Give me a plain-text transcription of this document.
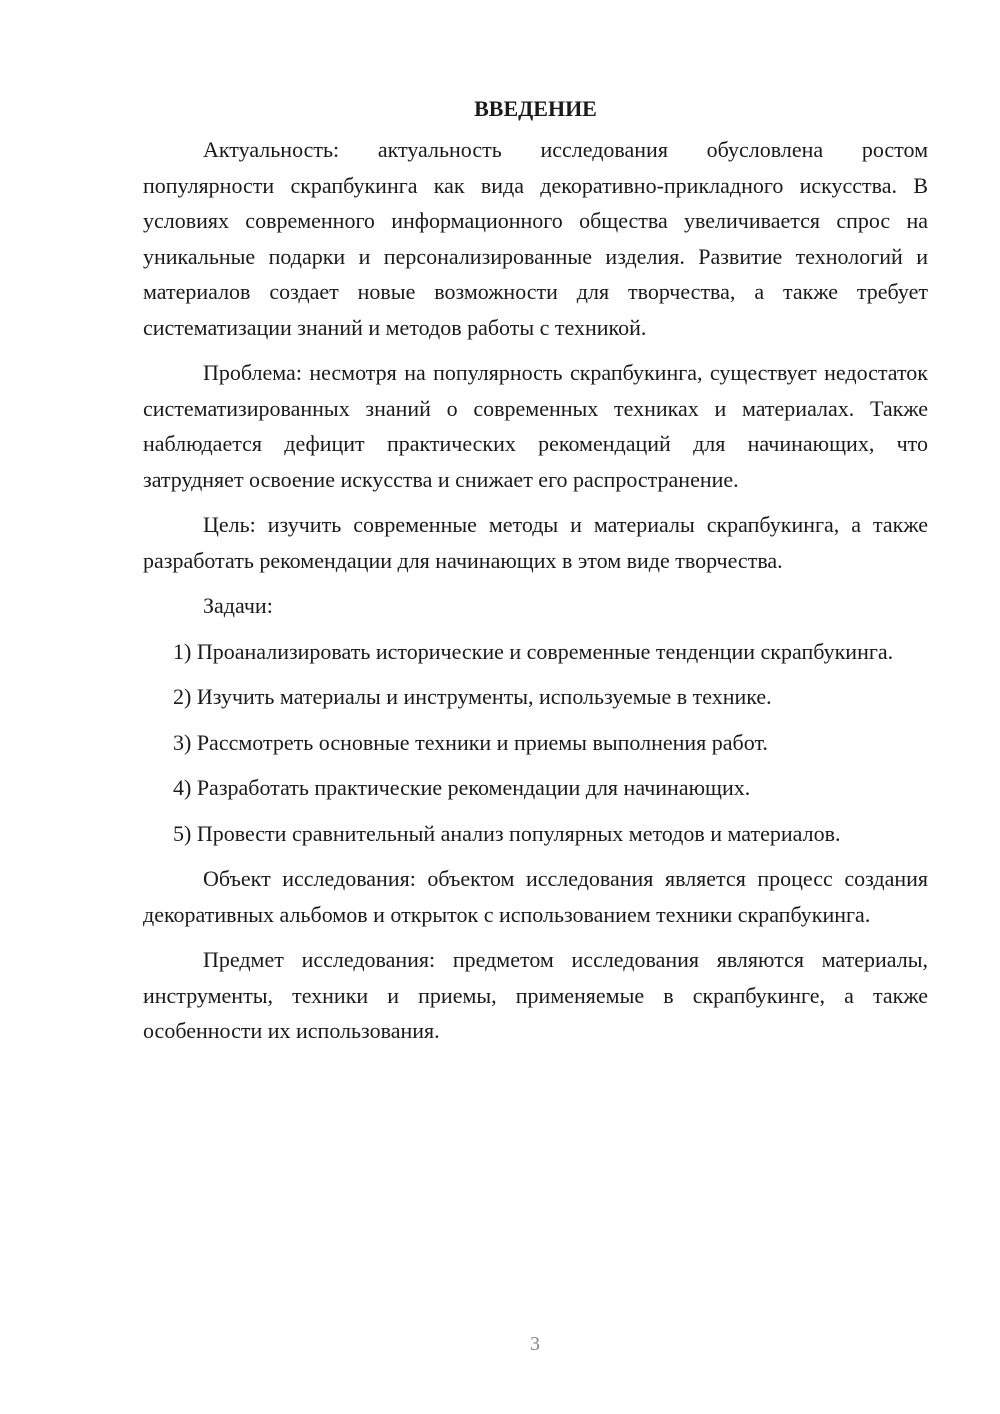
ВВЕДЕНИЕ

Актуальность: актуальность исследования обусловлена ростом популярности скрапбукинга как вида декоративно-прикладного искусства. В условиях современного информационного общества увеличивается спрос на уникальные подарки и персонализированные изделия. Развитие технологий и материалов создает новые возможности для творчества, а также требует систематизации знаний и методов работы с техникой.

Проблема: несмотря на популярность скрапбукинга, существует недостаток систематизированных знаний о современных техниках и материалах. Также наблюдается дефицит практических рекомендаций для начинающих, что затрудняет освоение искусства и снижает его распространение.

Цель: изучить современные методы и материалы скрапбукинга, а также разработать рекомендации для начинающих в этом виде творчества.

Задачи:

1) Проанализировать исторические и современные тенденции скрапбукинга.

2) Изучить материалы и инструменты, используемые в технике.

3) Рассмотреть основные техники и приемы выполнения работ.

4) Разработать практические рекомендации для начинающих.

5) Провести сравнительный анализ популярных методов и материалов.

Объект исследования: объектом исследования является процесс создания декоративных альбомов и открыток с использованием техники скрапбукинга.

Предмет исследования: предметом исследования являются материалы, инструменты, техники и приемы, применяемые в скрапбукинге, а также особенности их использования.

3
